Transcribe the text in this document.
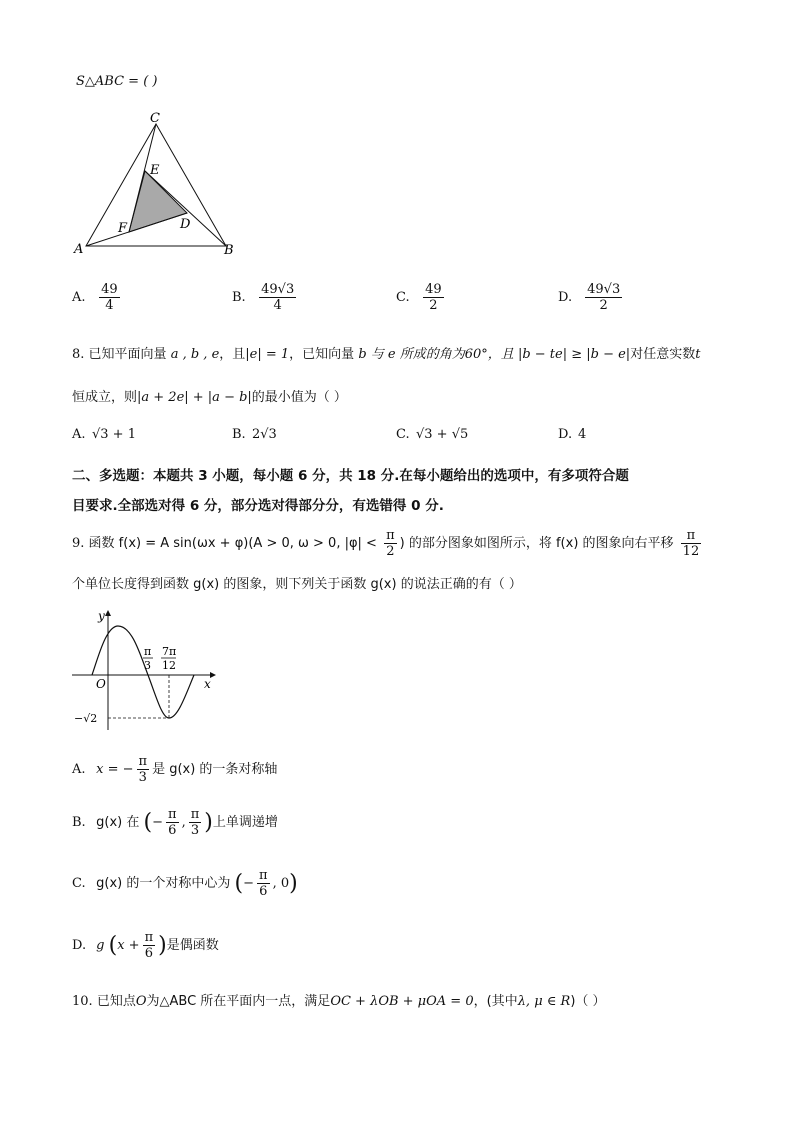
S△ABC = ( )
C
E
D
F
A	B
A. $\frac{49}{4}$	B. $\frac{49√3}{4}$	C. $\frac{49}{2}$	D. $\frac{49√3}{2}$
8. 已知平面向量 a , b , e，且|e| = 1，已知向量 b 与 e 所成的角为60°，且 |b − te| ≥ |b − e|对任意实数t
恒成立，则|a + 2e| + |a − b|的最小值为（ ）
A. √3 + 1	B. 2√3	C. √3 + √5	D. 4
二、多选题：本题共 3 小题，每小题 6 分，共 18 分.在每小题给出的选项中，有多项符合题
目要求.全部选对得 6 分，部分选对得部分分，有选错得 0 分.
9. 函数 f(x) = A sin(ωx + φ)(A > 0, ω > 0, $|\varphi| < \frac{\pi}{2}$ ) 的部分图象如图所示，将 f(x) 的图象向右平移 $\frac{\pi}{12}$
个单位长度得到函数 g(x) 的图象，则下列关于函数 g(x) 的说法正确的有（ ）
y
x
O
π
3
7π
12
−√2
A. x = − $\frac{\pi}{3}$ 是 g(x) 的一条对称轴
B. g(x) 在 (− $\frac{\pi}{6}$ , $\frac{\pi}{3}$ )上单调递增
C. g(x) 的一个对称中心为 (− $\frac{\pi}{6}$ , 0)
D. g ($x + \frac{\pi}{6}$ )是偶函数
10. 已知点O为△ABC 所在平面内一点，满足OC + λOB + μOA = 0，(其中λ, μ ∈ R)（ ）
